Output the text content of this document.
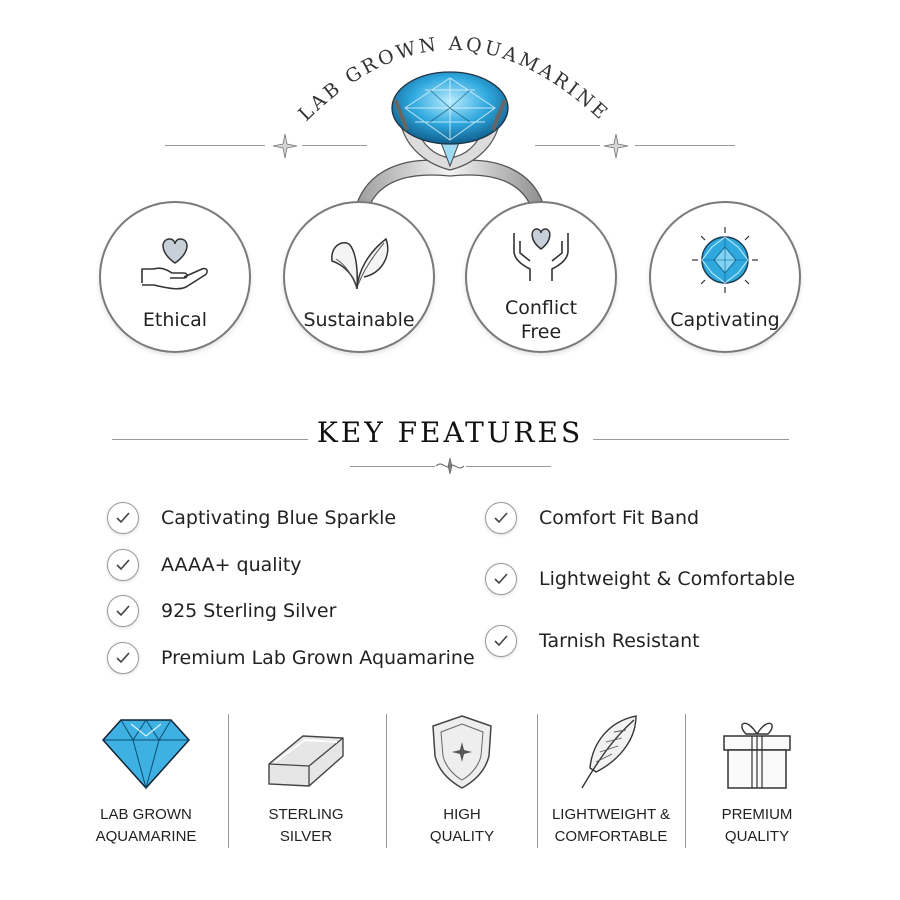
LAB GROWN AQUAMARINE
Ethical	Sustainable
Conflict
Free
Captivating
KEY FEATURES
Captivating Blue Sparkle
AAAA+ quality
925 Sterling Silver
Premium Lab Grown Aquamarine
Comfort Fit Band
Lightweight & Comfortable
Tarnish Resistant
LAB GROWN
AQUAMARINE
STERLING
SILVER
HIGH
QUALITY
LIGHTWEIGHT &
COMFORTABLE
PREMIUM
QUALITY
